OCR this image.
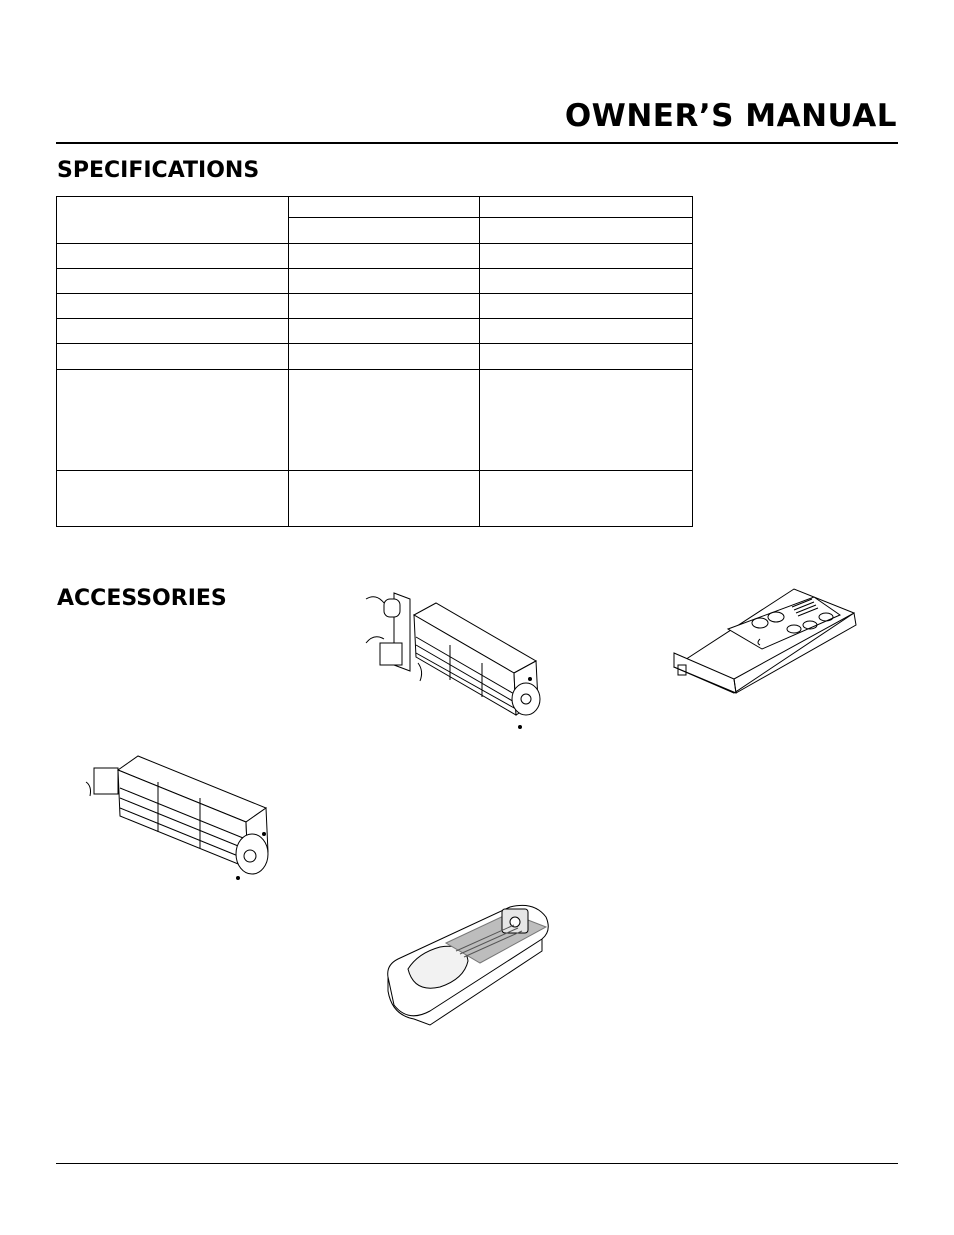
OWNER’S MANUAL
SPECIFICATIONS

ACCESSORIES
